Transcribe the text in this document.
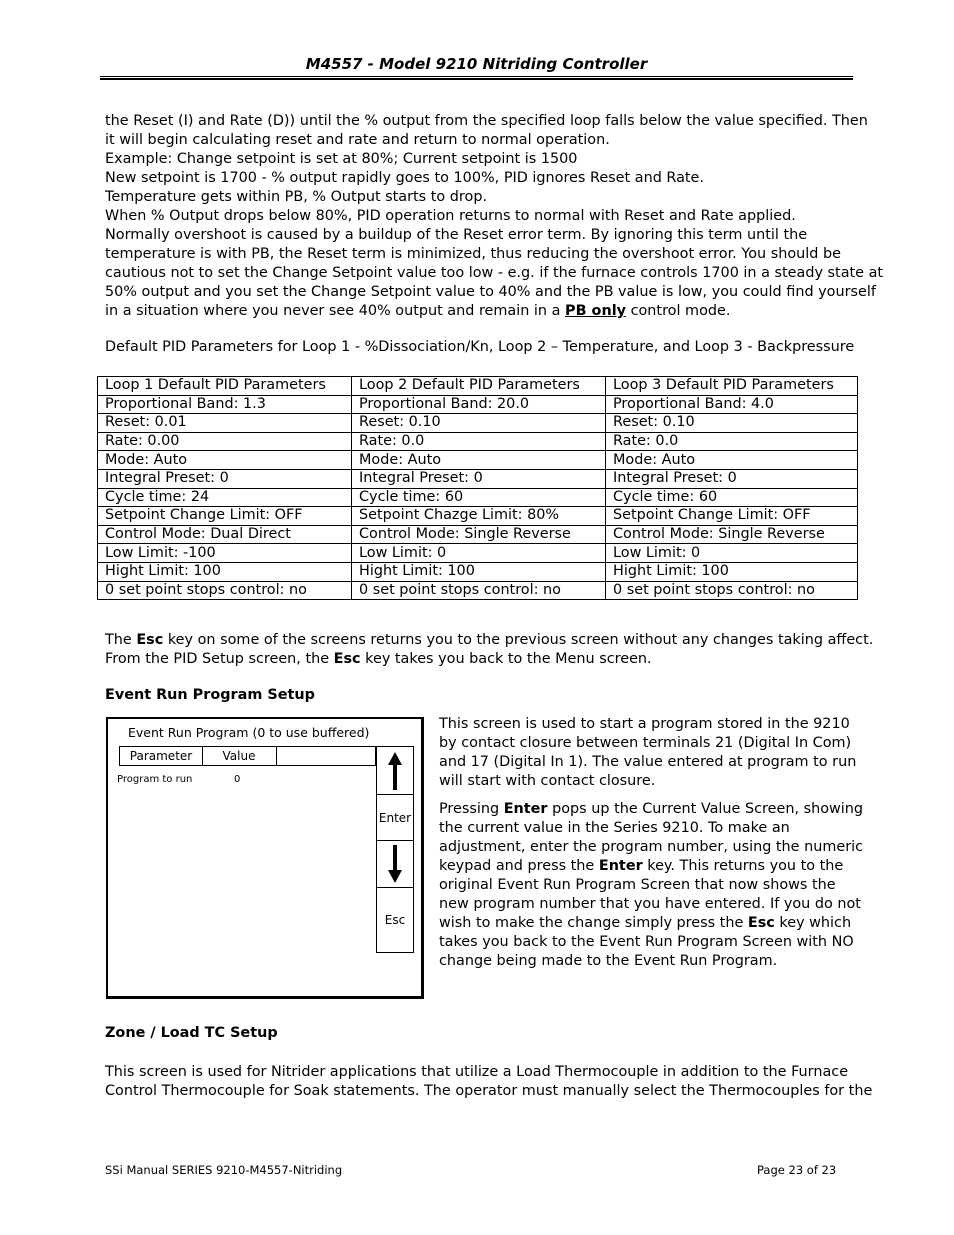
M4557 - Model 9210 Nitriding Controller
the Reset (I) and Rate (D)) until the % output from the specified loop falls below the value specified. Then
it will begin calculating reset and rate and return to normal operation.
Example: Change setpoint is set at 80%; Current setpoint is 1500
New setpoint is 1700 - % output rapidly goes to 100%, PID ignores Reset and Rate.
Temperature gets within PB, % Output starts to drop.
When % Output drops below 80%, PID operation returns to normal with Reset and Rate applied.
Normally overshoot is caused by a buildup of the Reset error term. By ignoring this term until the
temperature is with PB, the Reset term is minimized, thus reducing the overshoot error. You should be
cautious not to set the Change Setpoint value too low - e.g. if the furnace controls 1700 in a steady state at
50% output and you set the Change Setpoint value to 40% and the PB value is low, you could find yourself
in a situation where you never see 40% output and remain in a PB only control mode.
Default PID Parameters for Loop 1 - %Dissociation/Kn, Loop 2 – Temperature, and Loop 3 - Backpressure
Loop 1 Default PID Parameters	Loop 2 Default PID Parameters	Loop 3 Default PID Parameters
Proportional Band: 1.3	Proportional Band: 20.0	Proportional Band: 4.0
Reset: 0.01	Reset: 0.10	Reset: 0.10
Rate: 0.00	Rate: 0.0	Rate: 0.0
Mode: Auto	Mode: Auto	Mode: Auto
Integral Preset: 0	Integral Preset: 0	Integral Preset: 0
Cycle time: 24	Cycle time: 60	Cycle time: 60
Setpoint Change Limit: OFF	Setpoint Chazge Limit: 80%	Setpoint Change Limit: OFF
Control Mode: Dual Direct	Control Mode: Single Reverse	Control Mode: Single Reverse
Low Limit: -100	Low Limit: 0	Low Limit: 0
Hight Limit: 100	Hight Limit: 100	Hight Limit: 100
0 set point stops control: no	0 set point stops control: no	0 set point stops control: no
The Esc key on some of the screens returns you to the previous screen without any changes taking affect.
From the PID Setup screen, the Esc key takes you back to the Menu screen.
Event Run Program Setup
Event Run Program (0 to use buffered)
Parameter	Value
Program to run	0
Enter
Esc
This screen is used to start a program stored in the 9210
by contact closure between terminals 21 (Digital In Com)
and 17 (Digital In 1). The value entered at program to run
will start with contact closure.
Pressing Enter pops up the Current Value Screen, showing
the current value in the Series 9210. To make an
adjustment, enter the program number, using the numeric
keypad and press the Enter key. This returns you to the
original Event Run Program Screen that now shows the
new program number that you have entered. If you do not
wish to make the change simply press the Esc key which
takes you back to the Event Run Program Screen with NO
change being made to the Event Run Program.
Zone / Load TC Setup
This screen is used for Nitrider applications that utilize a Load Thermocouple in addition to the Furnace
Control Thermocouple for Soak statements. The operator must manually select the Thermocouples for the
SSi Manual SERIES 9210-M4557-Nitriding	Page 23 of 23
